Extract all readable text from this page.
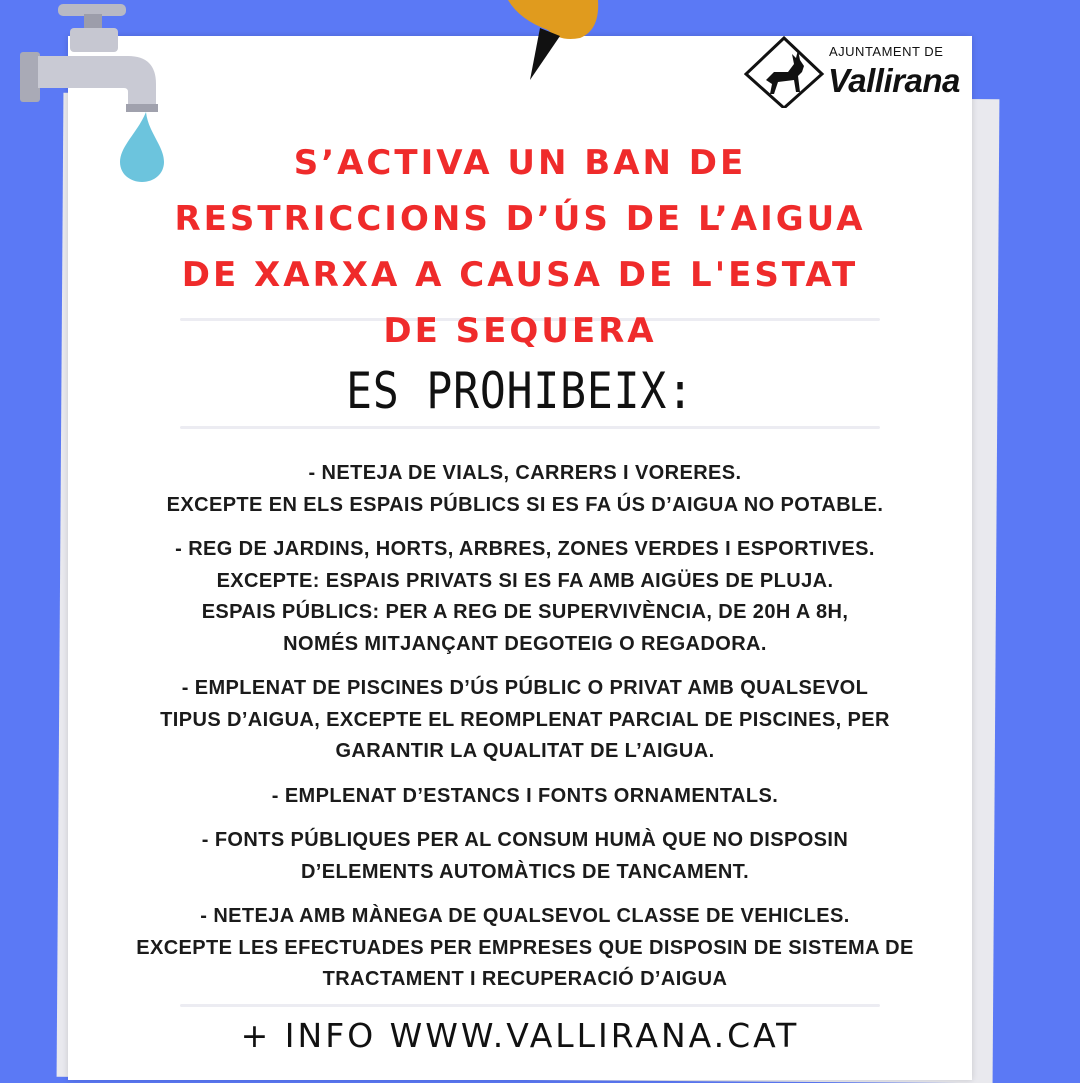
AJUNTAMENT DE
Vallirana
S’ACTIVA UN BAN DE
RESTRICCIONS D’ÚS DE L’AIGUA
DE XARXA A CAUSA DE L'ESTAT
DE SEQUERA
ES PROHIBEIX:
- NETEJA DE VIALS, CARRERS I VORERES.
EXCEPTE EN ELS ESPAIS PÚBLICS SI ES FA ÚS D’AIGUA NO POTABLE.
- REG DE JARDINS, HORTS, ARBRES, ZONES VERDES I ESPORTIVES.
EXCEPTE: ESPAIS PRIVATS SI ES FA AMB AIGÜES DE PLUJA.
ESPAIS PÚBLICS: PER A REG DE SUPERVIVÈNCIA, DE 20H A 8H,
NOMÉS MITJANÇANT DEGOTEIG O REGADORA.
- EMPLENAT DE PISCINES D’ÚS PÚBLIC O PRIVAT AMB QUALSEVOL
TIPUS D’AIGUA, EXCEPTE EL REOMPLENAT PARCIAL DE PISCINES, PER
GARANTIR LA QUALITAT DE L’AIGUA.
- EMPLENAT D’ESTANCS I FONTS ORNAMENTALS.
- FONTS PÚBLIQUES PER AL CONSUM HUMÀ QUE NO DISPOSIN
D’ELEMENTS AUTOMÀTICS DE TANCAMENT.
- NETEJA AMB MÀNEGA DE QUALSEVOL CLASSE DE VEHICLES.
EXCEPTE LES EFECTUADES PER EMPRESES QUE DISPOSIN DE SISTEMA DE
TRACTAMENT I RECUPERACIÓ D’AIGUA
+ INFO WWW.VALLIRANA.CAT
